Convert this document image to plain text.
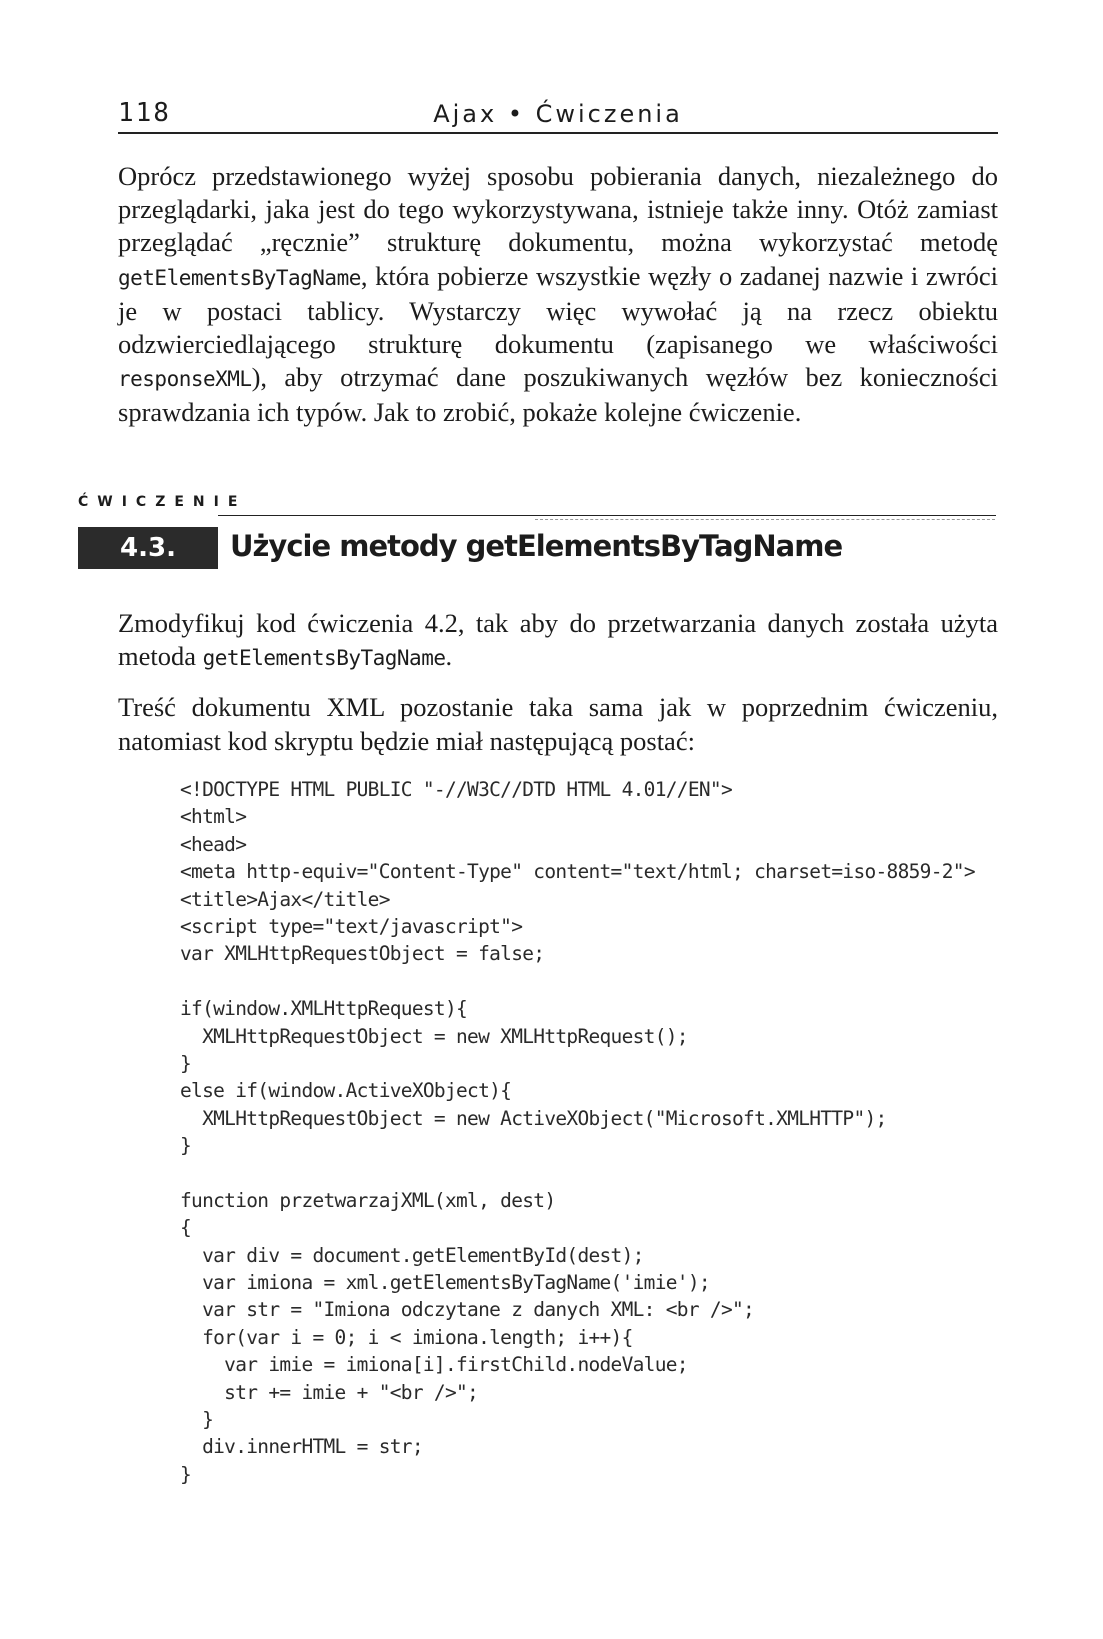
118	Ajax • Ćwiczenia

Oprócz przedstawionego wyżej sposobu pobierania danych, niezależnego do przeglądarki, jaka jest do tego wykorzystywana, istnieje także inny. Otóż zamiast przeglądać „ręcznie” strukturę dokumentu, można wykorzystać metodę getElementsByTagName, która pobierze wszystkie węzły o zadanej nazwie i zwróci je w postaci tablicy. Wystarczy więc wywołać ją na rzecz obiektu odzwierciedlającego strukturę dokumentu (zapisanego we właściwości responseXML), aby otrzymać dane poszukiwanych węzłów bez konieczności sprawdzania ich typów. Jak to zrobić, pokaże kolejne ćwiczenie.

ĆWICZENIE
4.3.	Użycie metody getElementsByTagName

Zmodyfikuj kod ćwiczenia 4.2, tak aby do przetwarzania danych została użyta metoda getElementsByTagName.

Treść dokumentu XML pozostanie taka sama jak w poprzednim ćwiczeniu, natomiast kod skryptu będzie miał następującą postać:

<!DOCTYPE HTML PUBLIC "-//W3C//DTD HTML 4.01//EN">
<html>
<head>
<meta http-equiv="Content-Type" content="text/html; charset=iso-8859-2">
<title>Ajax</title>
<script type="text/javascript">
var XMLHttpRequestObject = false;
if(window.XMLHttpRequest){
XMLHttpRequestObject = new XMLHttpRequest();
}
else if(window.ActiveXObject){
XMLHttpRequestObject = new ActiveXObject("Microsoft.XMLHTTP");
}
function przetwarzajXML(xml, dest)
{
var div = document.getElementById(dest);
var imiona = xml.getElementsByTagName('imie');
var str = "Imiona odczytane z danych XML: <br />";
for(var i = 0; i < imiona.length; i++){
var imie = imiona[i].firstChild.nodeValue;
str += imie + "<br />";
}
div.innerHTML = str;
}
